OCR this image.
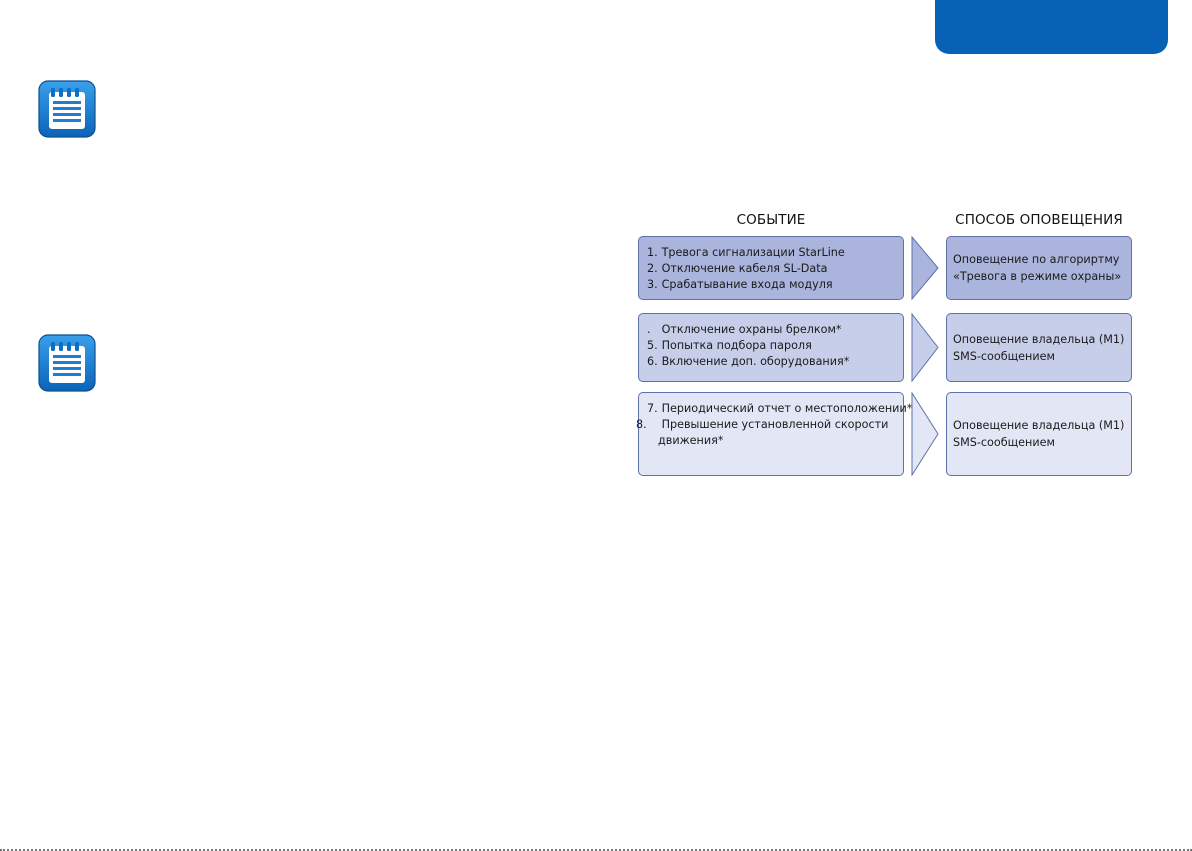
СОБЫТИЕ	СПОСОБ ОПОВЕЩЕНИЯ
1. Тревога сигнализации StarLine
2. Отключение кабеля SL-Data
3. Срабатывание входа модуля
Оповещение по алгориртму
«Тревога в режиме охраны»
. Отключение охраны брелком*
5. Попытка подбора пароля
6. Включение доп. оборудования*
Оповещение владельца (М1)
SMS-сообщением
7. Периодический отчет о местоположении*
8. Превышение установленной скорости движения*
Оповещение владельца (М1)
SMS-сообщением
